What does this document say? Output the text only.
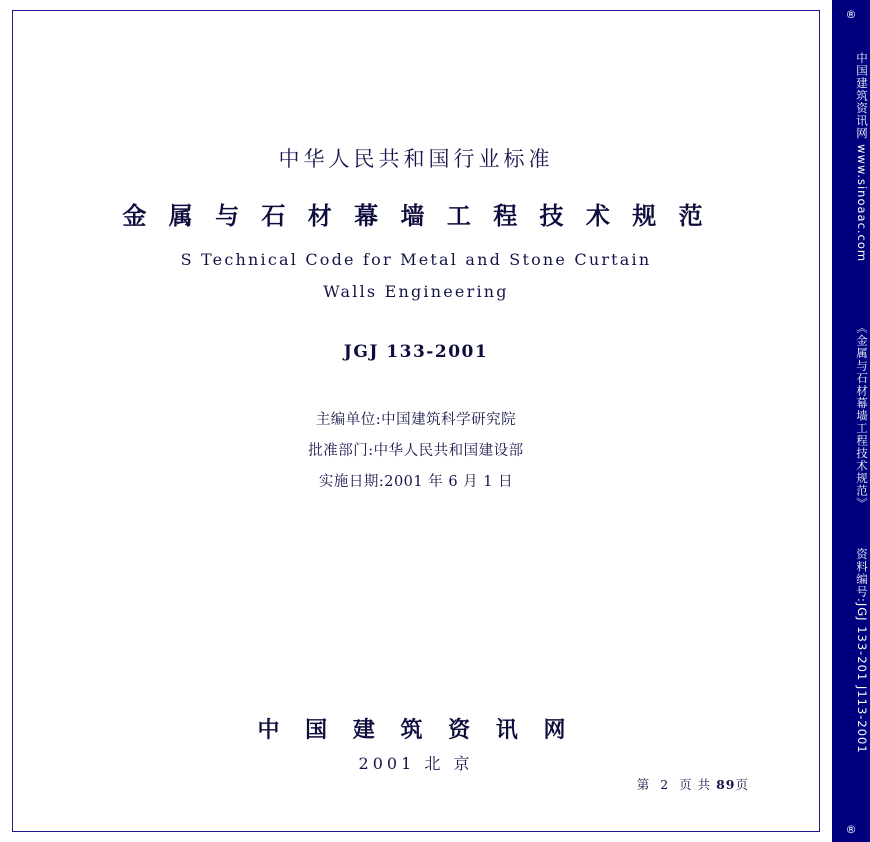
中华人民共和国行业标准
金 属 与 石 材 幕 墙 工 程 技 术 规 范
S Technical Code for Metal and Stone Curtain
Walls Engineering
JGJ 133-2001
主编单位:中国建筑科学研究院
批准部门:中华人民共和国建设部
实施日期:2001 年 6 月 1 日
中 国 建 筑 资 讯 网
2001 北 京
第 2 页 共 89页
®
中国建筑资讯网 www.sinoaac.com
《金属与石材幕墙工程技术规范》
资料编号:JGJ 133-201 J113-2001
®
